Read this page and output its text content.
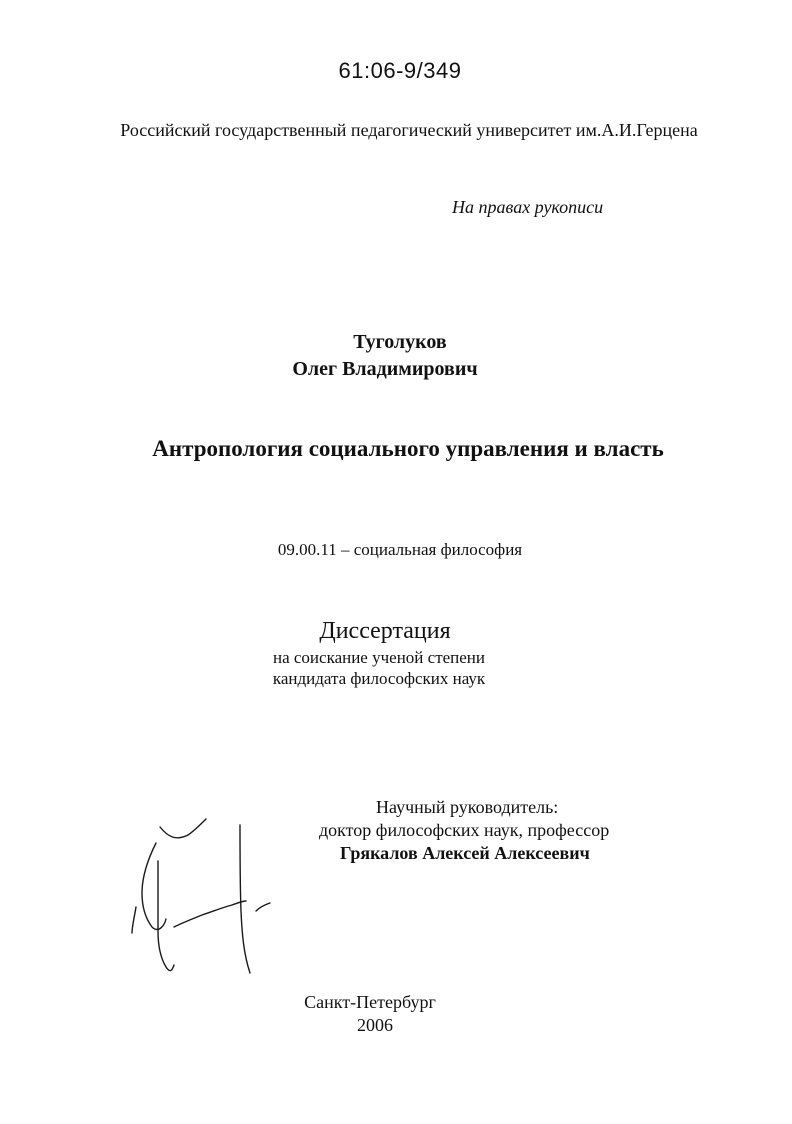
61:06-9/349
Российский государственный педагогический университет им.А.И.Герцена
На правах рукописи
Туголуков
Олег Владимирович
Антропология социального управления и власть
09.00.11 – социальная философия
Диссертация
на соискание ученой степени
кандидата философских наук
Научный руководитель:
доктор философских наук, профессор
Грякалов Алексей Алексеевич
Санкт-Петербург
2006
